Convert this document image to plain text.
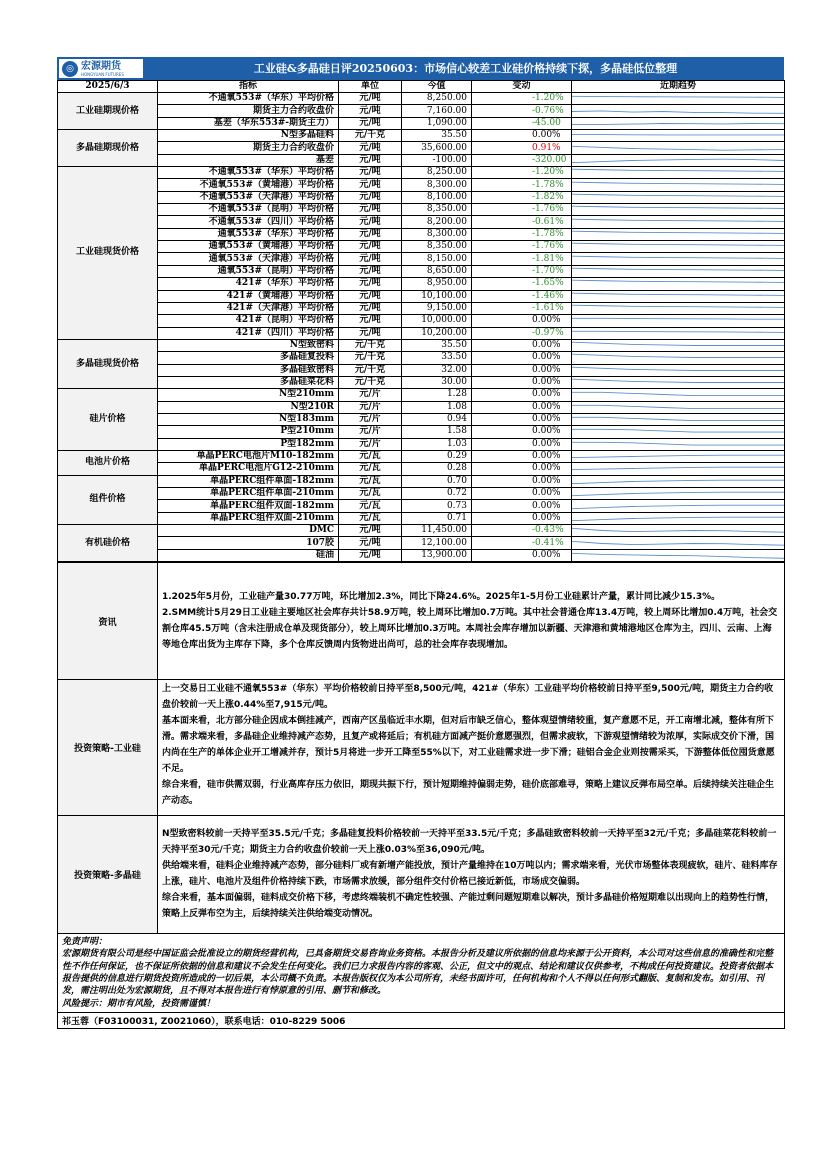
◎ 宏源期货
HONGYUAN FUTURES	工业硅&多晶硅日评20250603：市场信心较差工业硅价格持续下探，多晶硅低位整理
2025/6/3	指标	单位	今值	变动	近期趋势
工业硅期现价格	不通氧553#（华东）平均价格	元/吨	8,250.00	-1.20%	

	期货主力合约收盘价	元/吨	7,160.00	-0.76%	

	基差（华东553#-期货主力）	元/吨	1,090.00	-45.00	

多晶硅期现价格	N型多晶硅料	元/千克	35.50	0.00%	

	期货主力合约收盘价	元/吨	35,600.00	0.91%	

	基差	元/吨	-100.00	-320.00	

工业硅现货价格	不通氧553#（华东）平均价格	元/吨	8,250.00	-1.20%	

	不通氧553#（黄埔港）平均价格	元/吨	8,300.00	-1.78%	

	不通氧553#（天津港）平均价格	元/吨	8,100.00	-1.82%	

	不通氧553#（昆明）平均价格	元/吨	8,350.00	-1.76%	

	不通氧553#（四川）平均价格	元/吨	8,200.00	-0.61%	

	通氧553#（华东）平均价格	元/吨	8,300.00	-1.78%	

	通氧553#（黄埔港）平均价格	元/吨	8,350.00	-1.76%	

	通氧553#（天津港）平均价格	元/吨	8,150.00	-1.81%	

	通氧553#（昆明）平均价格	元/吨	8,650.00	-1.70%	

	421#（华东）平均价格	元/吨	8,950.00	-1.65%	

	421#（黄埔港）平均价格	元/吨	10,100.00	-1.46%	

	421#（天津港）平均价格	元/吨	9,150.00	-1.61%	

	421#（昆明）平均价格	元/吨	10,000.00	0.00%	

	421#（四川）平均价格	元/吨	10,200.00	-0.97%	

多晶硅现货价格	N型致密料	元/千克	35.50	0.00%	

	多晶硅复投料	元/千克	33.50	0.00%	

	多晶硅致密料	元/千克	32.00	0.00%	

	多晶硅菜花料	元/千克	30.00	0.00%	

硅片价格	N型210mm	元/片	1.28	0.00%	

	N型210R	元/片	1.08	0.00%	

	N型183mm	元/片	0.94	0.00%	

	P型210mm	元/片	1.58	0.00%	

	P型182mm	元/片	1.03	0.00%	

电池片价格	单晶PERC电池片M10-182mm	元/瓦	0.29	0.00%	

	单晶PERC电池片G12-210mm	元/瓦	0.28	0.00%	

组件价格	单晶PERC组件单面-182mm	元/瓦	0.70	0.00%	

	单晶PERC组件单面-210mm	元/瓦	0.72	0.00%	

	单晶PERC组件双面-182mm	元/瓦	0.73	0.00%	

	单晶PERC组件双面-210mm	元/瓦	0.71	0.00%	

有机硅价格	DMC	元/吨	11,450.00	-0.43%	

	107胶	元/吨	12,100.00	-0.41%	

	硅油	元/吨	13,900.00	0.00%	
资讯	1.2025年5月份，工业硅产量30.77万吨，环比增加2.3%，同比下降24.6%。2025年1-5月份工业硅累计产量，累计同比减少15.3%。

2.SMM统计5月29日工业硅主要地区社会库存共计58.9万吨，较上周环比增加0.7万吨。其中社会普通仓库13.4万吨，较上周环比增加0.4万吨，社会交割仓库45.5万吨（含未注册成仓单及现货部分），较上周环比增加0.3万吨。本周社会库存增加以新疆、天津港和黄埔港地区仓库为主，四川、云南、上海等地仓库出货为主库存下降，多个仓库反馈周内货物进出尚可，总的社会库存表现增加。

投资策略-工业硅	上一交易日工业硅不通氧553#（华东）平均价格较前日持平至8,500元/吨，421#（华东）工业硅平均价格较前日持平至9,500元/吨，期货主力合约收盘价较前一天上涨0.44%至7,915元/吨。

基本面来看，北方部分硅企因成本倒挂减产，西南产区虽临近丰水期，但对后市缺乏信心，整体观望情绪较重，复产意愿不足，开工南增北减，整体有所下滑。需求端来看，多晶硅企业维持减产态势，且复产或将延后；有机硅方面减产挺价意愿强烈，但需求疲软，下游观望情绪较为浓厚，实际成交价下滑，国内尚在生产的单体企业开工增减并存，预计5月将进一步开工降至55%以下，对工业硅需求进一步下滑；硅铝合金企业则按需采买，下游整体低位囤货意愿不足。

综合来看，硅市供需双弱，行业高库存压力依旧，期现共振下行，预计短期维持偏弱走势，硅价底部难寻，策略上建议反弹布局空单。后续持续关注硅企生产动态。

投资策略-多晶硅	N型致密料较前一天持平至35.5元/千克；多晶硅复投料价格较前一天持平至33.5元/千克；多晶硅致密料较前一天持平至32元/千克；多晶硅菜花料较前一天持平至30元/千克；期货主力合约收盘价较前一天上涨0.03%至36,090元/吨。

供给端来看，硅料企业维持减产态势，部分硅料厂或有新增产能投放，预计产量维持在10万吨以内；需求端来看，光伏市场整体表现疲软，硅片、硅料库存上涨，硅片、电池片及组件价格持续下跌，市场需求放缓，部分组件交付价格已接近新低，市场成交偏弱。

综合来看，基本面偏弱，硅料成交价格下移，考虑终端装机不确定性较强、产能过剩问题短期难以解决，预计多晶硅价格短期难以出现向上的趋势性行情，策略上反弹布空为主，后续持续关注供给端变动情况。

免责声明：
宏源期货有限公司是经中国证监会批准设立的期货经营机构，已具备期货交易咨询业务资格。本报告分析及建议所依据的信息均来源于公开资料，本公司对这些信息的准确性和完整性不作任何保证，也不保证所依据的信息和建议不会发生任何变化。我们已力求报告内容的客观、公正，但文中的观点、结论和建议仅供参考，不构成任何投资建议。投资者依据本报告提供的信息进行期货投资所造成的一切后果，本公司概不负责。本报告版权仅为本公司所有，未经书面许可，任何机构和个人不得以任何形式翻版、复制和发布。如引用、刊发，需注明出处为宏源期货，且不得对本报告进行有悖原意的引用、删节和修改。
风险提示：期市有风险，投资需谨慎！	

祁玉蓉（F03100031, Z0021060），联系电话：010-8229 5006	
